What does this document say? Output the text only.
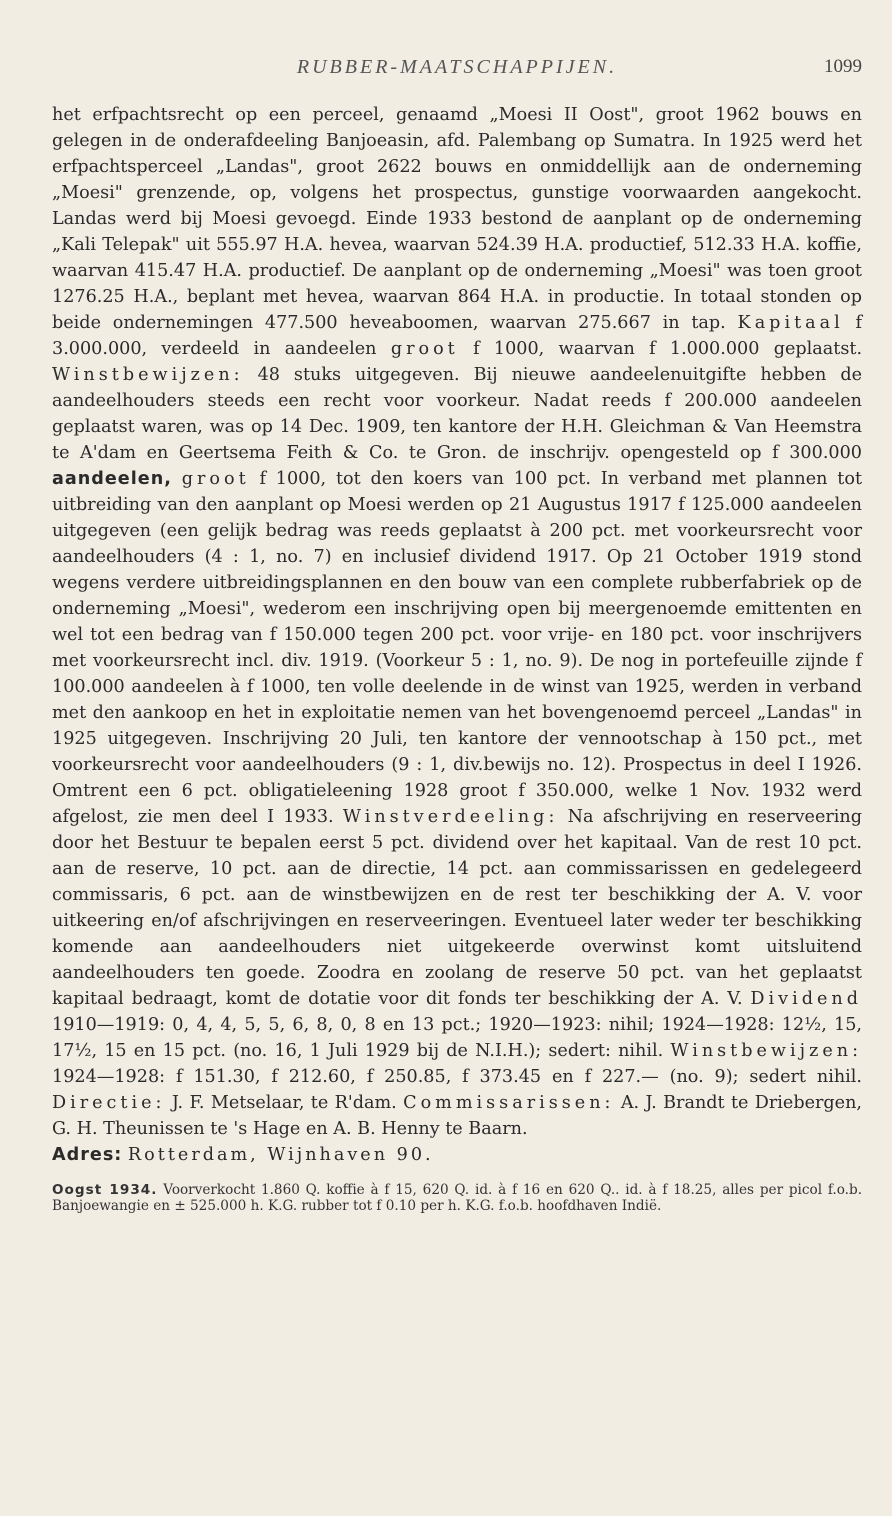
RUBBER-MAATSCHAPPIJEN.	1099
het erfpachtsrecht op een perceel, genaamd „Moesi II Oost", groot 1962 bouws en gelegen in de onderafdeeling Banjoeasin, afd. Palembang op Sumatra. In 1925 werd het erfpachtsperceel „Landas", groot 2622 bouws en onmiddellijk aan de onderneming „Moesi" grenzende, op, volgens het prospectus, gunstige voorwaarden aangekocht. Landas werd bij Moesi gevoegd. Einde 1933 bestond de aanplant op de onderneming „Kali Telepak" uit 555.97 H.A. hevea, waarvan 524.39 H.A. productief, 512.33 H.A. koffie, waarvan 415.47 H.A. productief. De aanplant op de onderneming „Moesi" was toen groot 1276.25 H.A., beplant met hevea, waarvan 864 H.A. in productie. In totaal stonden op beide ondernemingen 477.500 heveaboomen, waarvan 275.667 in tap. Kapitaal f 3.000.000, verdeeld in aandeelen groot f 1000, waarvan f 1.000.000 geplaatst. Winstbewijzen: 48 stuks uitgegeven. Bij nieuwe aandeelenuitgifte hebben de aandeelhouders steeds een recht voor voorkeur. Nadat reeds f 200.000 aandeelen geplaatst waren, was op 14 Dec. 1909, ten kantore der H.H. Gleichman & Van Heemstra te A'dam en Geertsema Feith & Co. te Gron. de inschrijv. opengesteld op f 300.000 aandeelen, groot f 1000, tot den koers van 100 pct. In verband met plannen tot uitbreiding van den aanplant op Moesi werden op 21 Augustus 1917 f 125.000 aandeelen uitgegeven (een gelijk bedrag was reeds geplaatst à 200 pct. met voorkeursrecht voor aandeelhouders (4 : 1, no. 7) en inclusief dividend 1917. Op 21 October 1919 stond wegens verdere uitbreidingsplannen en den bouw van een complete rubberfabriek op de onderneming „Moesi", wederom een inschrijving open bij meergenoemde emittenten en wel tot een bedrag van f 150.000 tegen 200 pct. voor vrije- en 180 pct. voor inschrijvers met voorkeursrecht incl. div. 1919. (Voorkeur 5 : 1, no. 9). De nog in portefeuille zijnde f 100.000 aandeelen à f 1000, ten volle deelende in de winst van 1925, werden in verband met den aankoop en het in exploitatie nemen van het bovengenoemd perceel „Landas" in 1925 uitgegeven. Inschrijving 20 Juli, ten kantore der vennootschap à 150 pct., met voorkeursrecht voor aandeelhouders (9 : 1, div.bewijs no. 12). Prospectus in deel I 1926. Omtrent een 6 pct. obligatieleening 1928 groot f 350.000, welke 1 Nov. 1932 werd afgelost, zie men deel I 1933. Winstverdeeling: Na afschrijving en reserveering door het Bestuur te bepalen eerst 5 pct. dividend over het kapitaal. Van de rest 10 pct. aan de reserve, 10 pct. aan de directie, 14 pct. aan commissarissen en gedelegeerd commissaris, 6 pct. aan de winstbewijzen en de rest ter beschikking der A. V. voor uitkeering en/of afschrijvingen en reserveeringen. Eventueel later weder ter beschikking komende aan aandeelhouders niet uitgekeerde overwinst komt uitsluitend aandeelhouders ten goede. Zoodra en zoolang de reserve 50 pct. van het geplaatst kapitaal bedraagt, komt de dotatie voor dit fonds ter beschikking der A. V. Dividend 1910—1919: 0, 4, 4, 5, 5, 6, 8, 0, 8 en 13 pct.; 1920—1923: nihil; 1924—1928: 12½, 15, 17½, 15 en 15 pct. (no. 16, 1 Juli 1929 bij de N.I.H.); sedert: nihil. Winstbewijzen: 1924—1928: f 151.30, f 212.60, f 250.85, f 373.45 en f 227.— (no. 9); sedert nihil. Directie: J. F. Metselaar, te R'dam. Commissarissen: A. J. Brandt te Driebergen, G. H. Theunissen te 's Hage en A. B. Henny te Baarn.
Adres: Rotterdam, Wijnhaven 90.
Oogst 1934. Voorverkocht 1.860 Q. koffie à f 15, 620 Q. id. à f 16 en 620 Q.. id. à f 18.25, alles per picol f.o.b. Banjoewangie en ± 525.000 h. K.G. rubber tot f 0.10 per h. K.G. f.o.b. hoofdhaven Indië.
